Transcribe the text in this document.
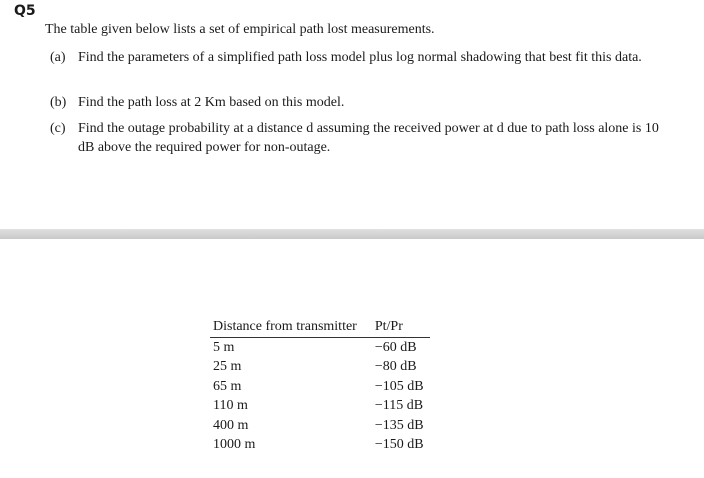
Q5
The table given below lists a set of empirical path lost measurements.
(a) Find the parameters of a simplified path loss model plus log normal shadowing that best fit this data.
(b) Find the path loss at 2 Km based on this model.
(c) Find the outage probability at a distance d assuming the received power at d due to path loss alone is 10 dB above the required power for non-outage.
Distance from transmitter	Pt/Pr
5 m	−60 dB
25 m	−80 dB
65 m	−105 dB
110 m	−115 dB
400 m	−135 dB
1000 m	−150 dB
